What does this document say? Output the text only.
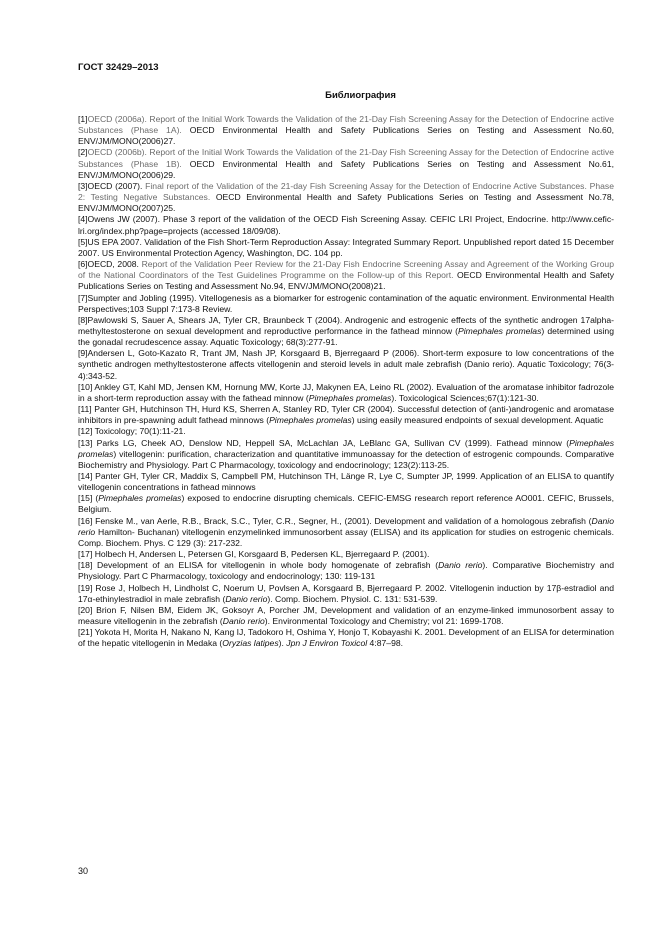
ГОСТ 32429–2013
Библиография
[1]OECD (2006a). Report of the Initial Work Towards the Validation of the 21-Day Fish Screening Assay for the Detection of Endocrine active Substances (Phase 1A). OECD Environmental Health and Safety Publications Series on Testing and Assessment No.60, ENV/JM/MONO(2006)27.
[2]OECD (2006b). Report of the Initial Work Towards the Validation of the 21-Day Fish Screening Assay for the Detection of Endocrine active Substances (Phase 1B). OECD Environmental Health and Safety Publications Series on Testing and Assessment No.61, ENV/JM/MONO(2006)29.
[3]OECD (2007). Final report of the Validation of the 21-day Fish Screening Assay for the Detection of Endocrine Active Substances. Phase 2: Testing Negative Substances. OECD Environmental Health and Safety Publications Series on Testing and Assessment No.78, ENV/JM/MONO(2007)25.
[4]Owens JW (2007). Phase 3 report of the validation of the OECD Fish Screening Assay. CEFIC LRI Project, Endocrine. http://www.cefic-lri.org/index.php?page=projects (accessed 18/09/08).
[5]US EPA 2007. Validation of the Fish Short-Term Reproduction Assay: Integrated Summary Report. Unpublished report dated 15 December 2007. US Environmental Protection Agency, Washington, DC. 104 pp.
[6]OECD, 2008. Report of the Validation Peer Review for the 21-Day Fish Endocrine Screening Assay and Agreement of the Working Group of the National Coordinators of the Test Guidelines Programme on the Follow-up of this Report. OECD Environmental Health and Safety Publications Series on Testing and Assessment No.94, ENV/JM/MONO(2008)21.
[7]Sumpter and Jobling (1995). Vitellogenesis as a biomarker for estrogenic contamination of the aquatic environment. Environmental Health Perspectives;103 Suppl 7:173-8 Review.
[8]Pawlowski S, Sauer A, Shears JA, Tyler CR, Braunbeck T (2004). Androgenic and estrogenic effects of the synthetic androgen 17alpha-methyltestosterone on sexual development and reproductive performance in the fathead minnow (Pimephales promelas) determined using the gonadal recrudescence assay. Aquatic Toxicology; 68(3):277-91.
[9]Andersen L, Goto-Kazato R, Trant JM, Nash JP, Korsgaard B, Bjerregaard P (2006). Short-term exposure to low concentrations of the synthetic androgen methyltestosterone affects vitellogenin and steroid levels in adult male zebrafish (Danio rerio). Aquatic Toxicology; 76(3-4):343-52.
[10] Ankley GT, Kahl MD, Jensen KM, Hornung MW, Korte JJ, Makynen EA, Leino RL (2002). Evaluation of the aromatase inhibitor fadrozole in a short-term reproduction assay with the fathead minnow (Pimephales promelas). Toxicological Sciences;67(1):121-30.
[11] Panter GH, Hutchinson TH, Hurd KS, Sherren A, Stanley RD, Tyler CR (2004). Successful detection of (anti-)androgenic and aromatase inhibitors in pre-spawning adult fathead minnows (Pimephales promelas) using easily measured endpoints of sexual development. Aquatic
[12] Toxicology; 70(1):11-21.
[13] Parks LG, Cheek AO, Denslow ND, Heppell SA, McLachlan JA, LeBlanc GA, Sullivan CV (1999). Fathead minnow (Pimephales promelas) vitellogenin: purification, characterization and quantitative immunoassay for the detection of estrogenic compounds. Comparative Biochemistry and Physiology. Part C Pharmacology, toxicology and endocrinology; 123(2):113-25.
[14] Panter GH, Tyler CR, Maddix S, Campbell PM, Hutchinson TH, Länge R, Lye C, Sumpter JP, 1999. Application of an ELISA to quantify vitellogenin concentrations in fathead minnows
[15] (Pimephales promelas) exposed to endocrine disrupting chemicals. CEFIC-EMSG research report reference AO001. CEFIC, Brussels, Belgium.
[16] Fenske M., van Aerle, R.B., Brack, S.C., Tyler, C.R., Segner, H., (2001). Development and validation of a homologous zebrafish (Danio rerio Hamilton- Buchanan) vitellogenin enzymelinked immunosorbent assay (ELISA) and its application for studies on estrogenic chemicals. Comp. Biochem. Phys. C 129 (3): 217-232.
[17] Holbech H, Andersen L, Petersen GI, Korsgaard B, Pedersen KL, Bjerregaard P. (2001).
[18] Development of an ELISA for vitellogenin in whole body homogenate of zebrafish (Danio rerio). Comparative Biochemistry and Physiology. Part C Pharmacology, toxicology and endocrinology; 130: 119-131
[19] Rose J, Holbech H, Lindholst C, Noerum U, Povlsen A, Korsgaard B, Bjerregaard P. 2002. Vitellogenin induction by 17β-estradiol and 17α-ethinylestradiol in male zebrafish (Danio rerio). Comp. Biochem. Physiol. C. 131: 531-539.
[20] Brion F, Nilsen BM, Eidem JK, Goksoyr A, Porcher JM, Development and validation of an enzyme-linked immunosorbent assay to measure vitellogenin in the zebrafish (Danio rerio). Environmental Toxicology and Chemistry; vol 21: 1699-1708.
[21] Yokota H, Morita H, Nakano N, Kang IJ, Tadokoro H, Oshima Y, Honjo T, Kobayashi K. 2001. Development of an ELISA for determination of the hepatic vitellogenin in Medaka (Oryzias latipes). Jpn J Environ Toxicol 4:87–98.
30
